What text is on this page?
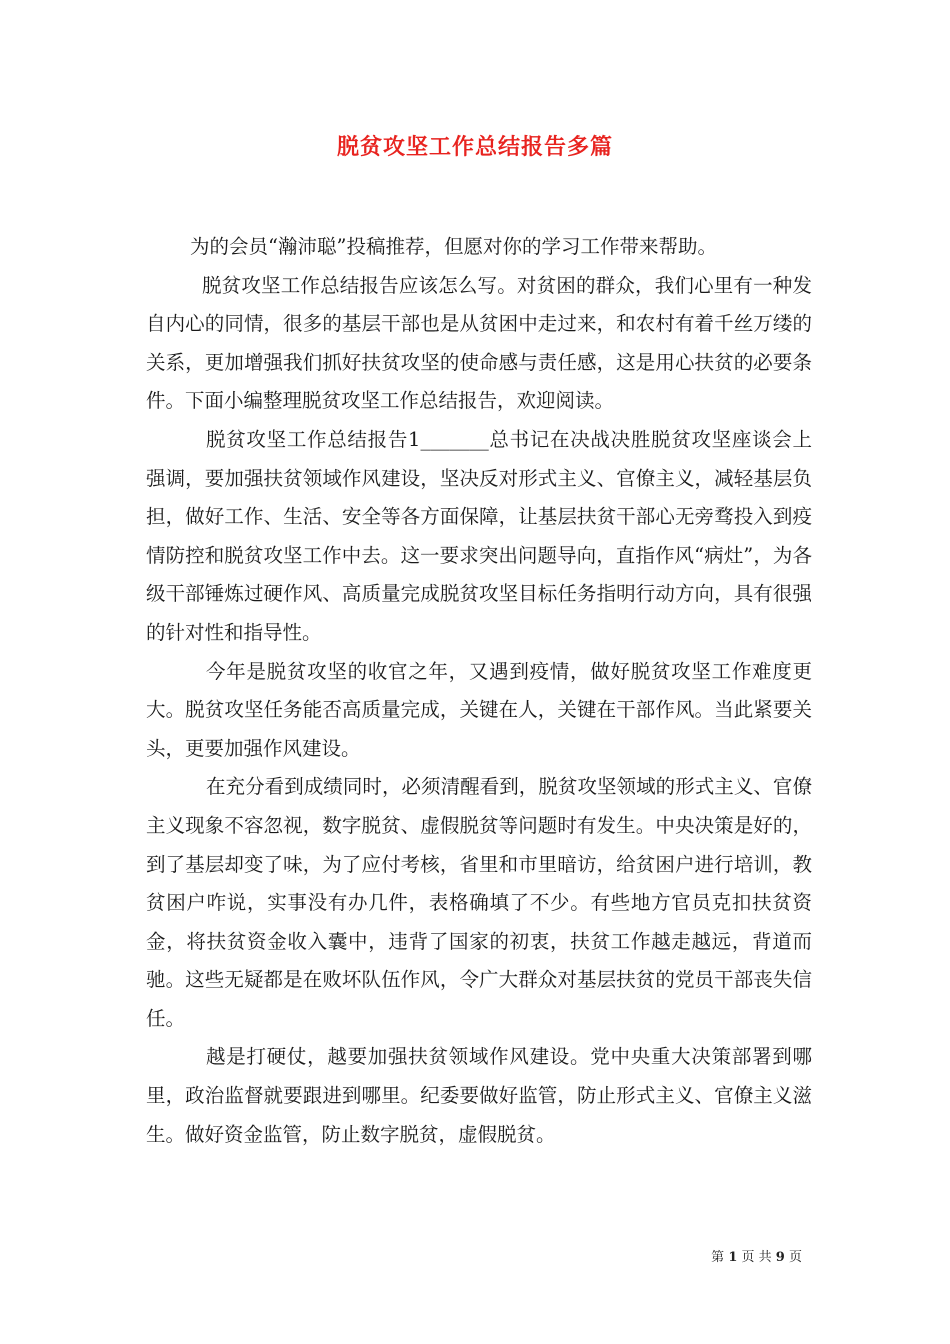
脱贫攻坚工作总结报告多篇

为的会员“瀚沛聪”投稿推荐，但愿对你的学习工作带来帮助。

脱贫攻坚工作总结报告应该怎么写。对贫困的群众，我们心里有一种发自内心的同情，很多的基层干部也是从贫困中走过来，和农村有着千丝万缕的关系，更加增强我们抓好扶贫攻坚的使命感与责任感，这是用心扶贫的必要条件。下面小编整理脱贫攻坚工作总结报告，欢迎阅读。

脱贫攻坚工作总结报告1_______总书记在决战决胜脱贫攻坚座谈会上强调，要加强扶贫领域作风建设，坚决反对形式主义、官僚主义，减轻基层负担，做好工作、生活、安全等各方面保障，让基层扶贫干部心无旁骛投入到疫情防控和脱贫攻坚工作中去。这一要求突出问题导向，直指作风“病灶”，为各级干部锤炼过硬作风、高质量完成脱贫攻坚目标任务指明行动方向，具有很强的针对性和指导性。

今年是脱贫攻坚的收官之年，又遇到疫情，做好脱贫攻坚工作难度更大。脱贫攻坚任务能否高质量完成，关键在人，关键在干部作风。当此紧要关头，更要加强作风建设。

在充分看到成绩同时，必须清醒看到，脱贫攻坚领域的形式主义、官僚主义现象不容忽视，数字脱贫、虚假脱贫等问题时有发生。中央决策是好的，到了基层却变了味，为了应付考核，省里和市里暗访，给贫困户进行培训，教贫困户咋说，实事没有办几件，表格确填了不少。有些地方官员克扣扶贫资金，将扶贫资金收入囊中，违背了国家的初衷，扶贫工作越走越远，背道而驰。这些无疑都是在败坏队伍作风，令广大群众对基层扶贫的党员干部丧失信任。

越是打硬仗，越要加强扶贫领域作风建设。党中央重大决策部署到哪里，政治监督就要跟进到哪里。纪委要做好监管，防止形式主义、官僚主义滋生。做好资金监管，防止数字脱贫，虚假脱贫。

第 1 页 共 9 页
